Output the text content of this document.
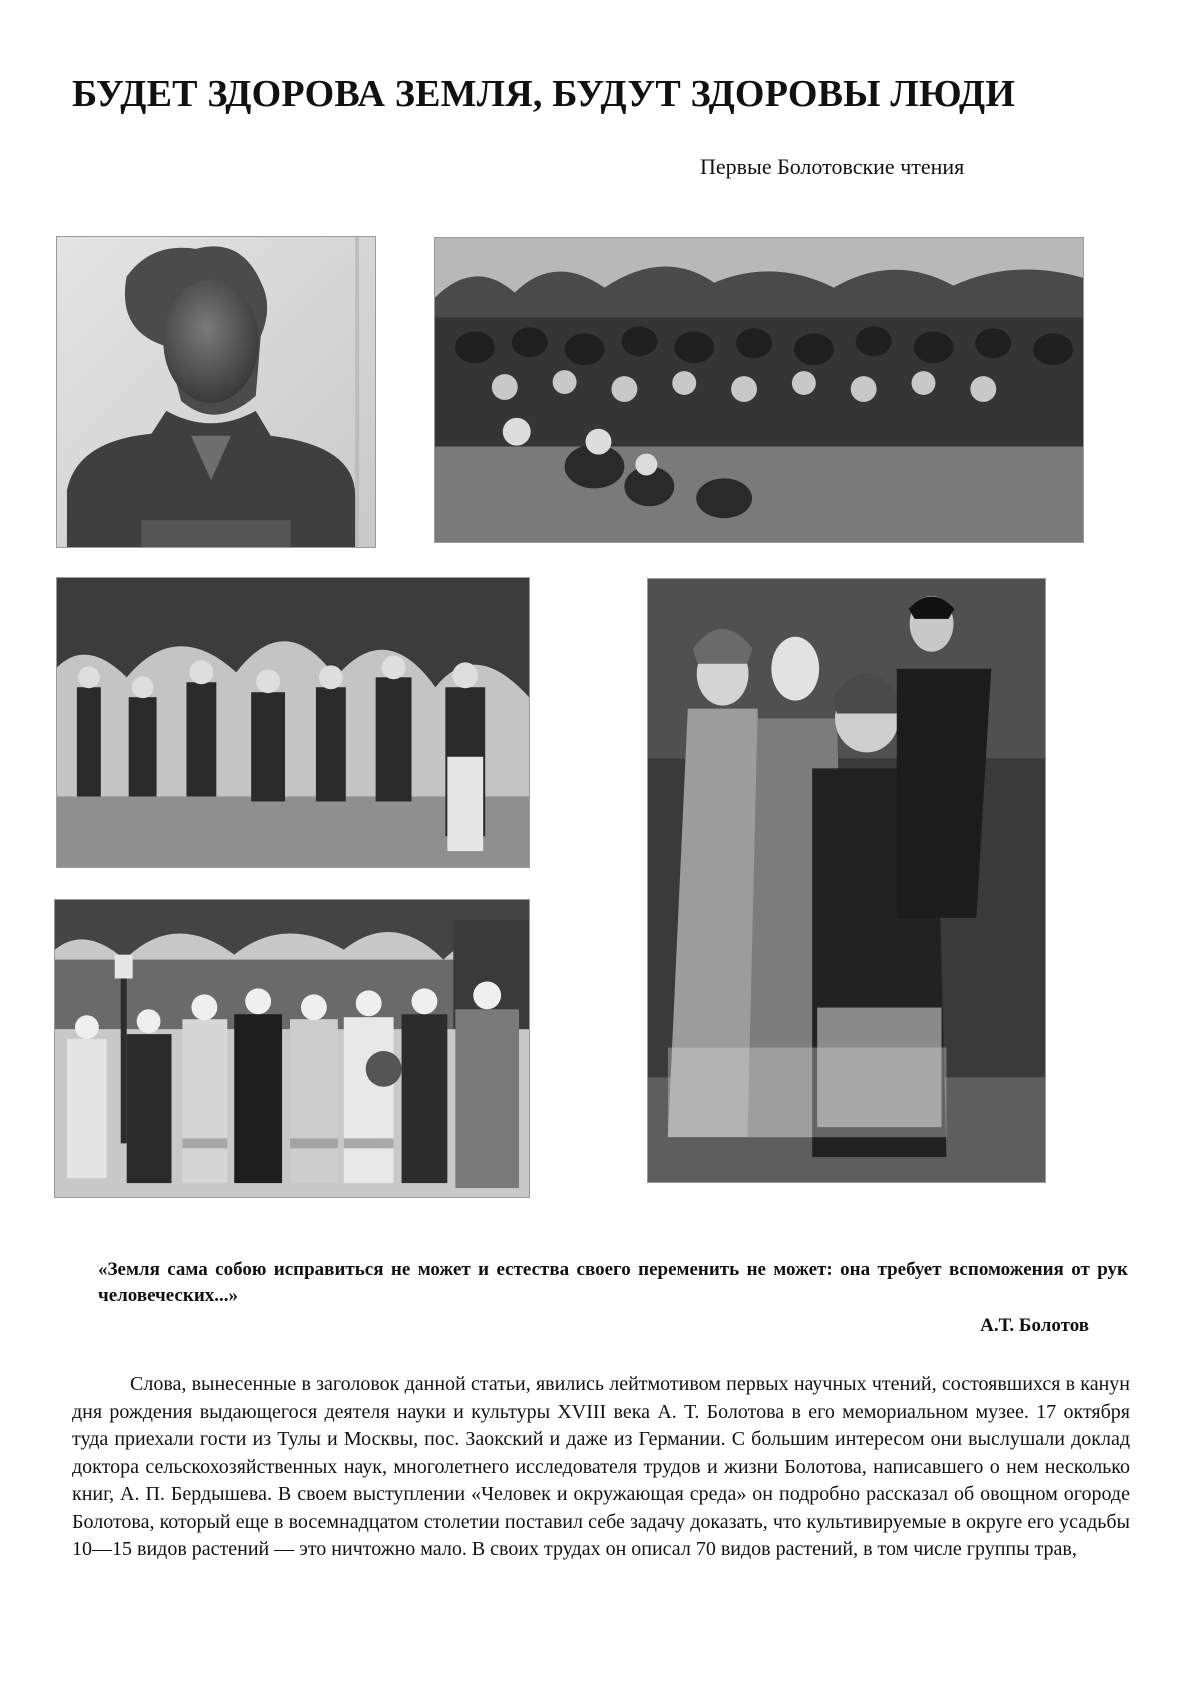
БУДЕТ ЗДОРОВА ЗЕМЛЯ, БУДУТ ЗДОРОВЫ ЛЮДИ

Первые Болотовские чтения

«Земля сама собою исправиться не может и естества своего переменить не может: она требует вспоможения от рук человеческих...»

А.Т. Болотов

Слова, вынесенные в заголовок данной статьи, явились лейтмотивом первых научных чтений, состоявшихся в канун дня рождения выдающегося деятеля науки и культуры XVIII века А. Т. Болотова в его мемориальном музее. 17 октября туда приехали гости из Тулы и Москвы, пос. Заокский и даже из Германии. С большим интересом они выслушали доклад доктора сельскохозяйственных наук, многолетнего исследователя трудов и жизни Болотова, написавшего о нем несколько книг, А. П. Бердышева. В своем выступлении «Человек и окружающая среда» он подробно рассказал об овощном огороде Болотова, который еще в восемнадцатом столетии поставил себе задачу доказать, что культивируемые в округе его усадьбы 10—15 видов растений — это ничтожно мало. В своих трудах он описал 70 видов растений, в том числе группы трав,
